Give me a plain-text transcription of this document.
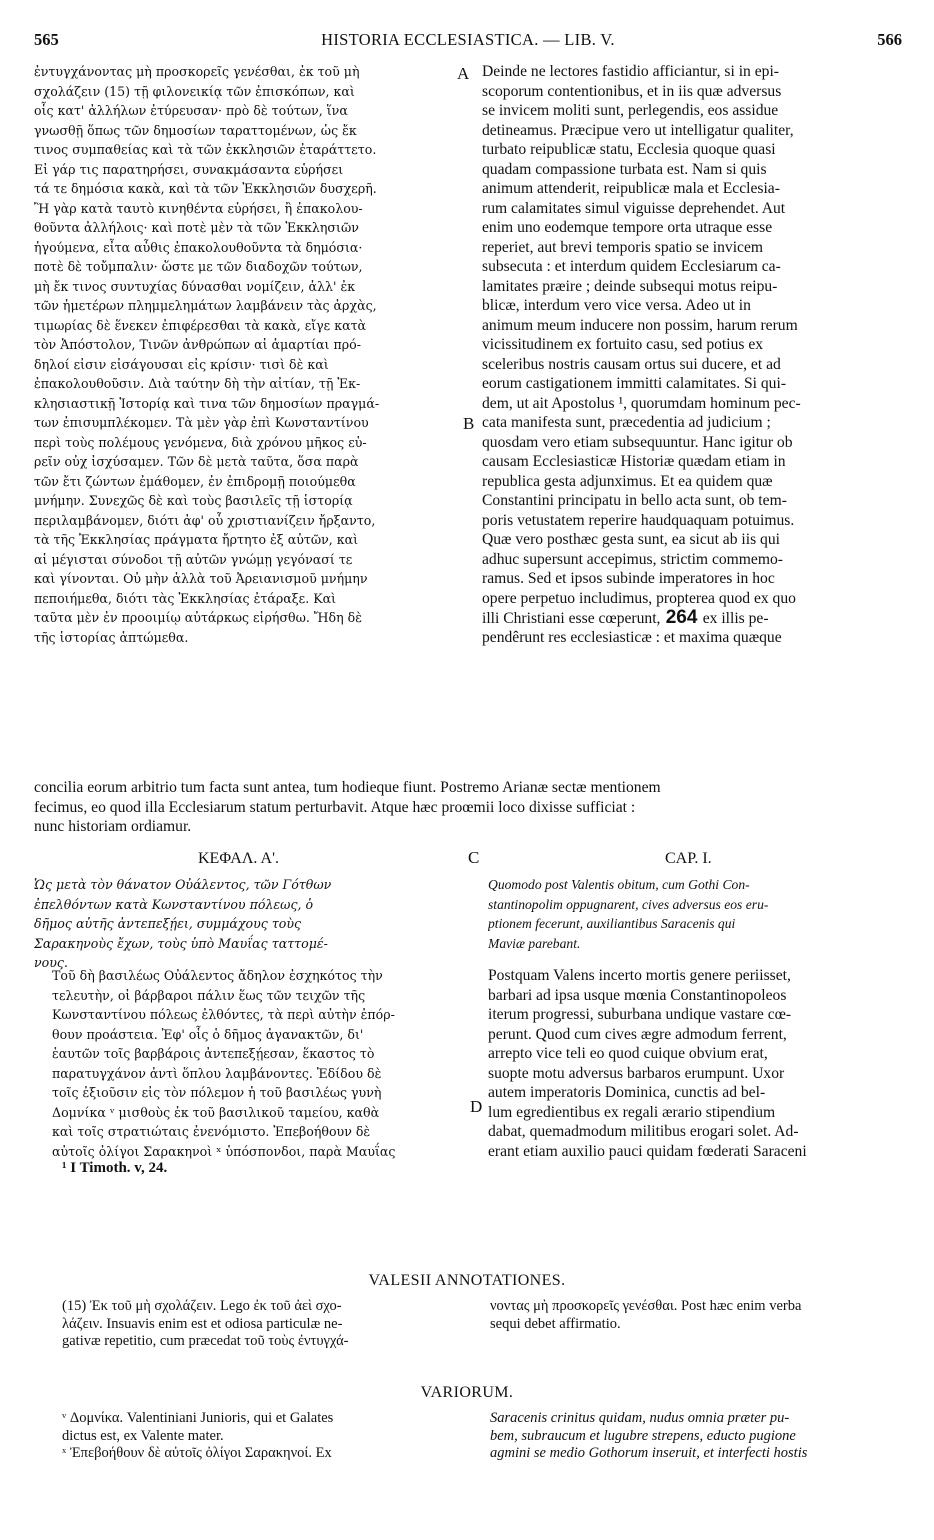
565	HISTORIA ECCLESIASTICA. — LIB. V.	566
ἐντυγχάνοντας μὴ προσκορεῖς γενέσθαι, ἐκ τοῦ μὴ
σχολάζειν (15) τῇ φιλονεικίᾳ τῶν ἐπισκόπων, καὶ
οἷς κατ' ἀλλήλων ἐτύρευσαν· πρὸ δὲ τούτων, ἵνα
γνωσθῇ ὅπως τῶν δημοσίων ταραττομένων, ὡς ἔκ
τινος συμπαθείας καὶ τὰ τῶν ἐκκλησιῶν ἐταράττετο.
Εἰ γάρ τις παρατηρήσει, συνακμάσαντα εὑρήσει
τά τε δημόσια κακὰ, καὶ τὰ τῶν Ἐκκλησιῶν δυσχερῆ.
Ἢ γὰρ κατὰ ταυτὸ κινηθέντα εὑρήσει, ἢ ἐπακολου-
θοῦντα ἀλλήλοις· καὶ ποτὲ μὲν τὰ τῶν Ἐκκλησιῶν
ἡγούμενα, εἶτα αὖθις ἐπακολουθοῦντα τὰ δημόσια·
ποτὲ δὲ τοὔμπαλιν· ὥστε με τῶν διαδοχῶν τούτων,
μὴ ἔκ τινος συντυχίας δύνασθαι νομίζειν, ἀλλ' ἐκ
τῶν ἡμετέρων πλημμελημάτων λαμβάνειν τὰς ἀρχὰς,
τιμωρίας δὲ ἕνεκεν ἐπιφέρεσθαι τὰ κακὰ, εἴγε κατὰ
τὸν Ἀπόστολον, Τινῶν ἀνθρώπων αἱ ἁμαρτίαι πρό-
δηλοί εἰσιν εἰσάγουσαι εἰς κρίσιν· τισὶ δὲ καὶ
ἐπακολουθοῦσιν. Διὰ ταύτην δὴ τὴν αἰτίαν, τῇ Ἐκ-
κλησιαστικῇ Ἱστορίᾳ καὶ τινα τῶν δημοσίων πραγμά-
των ἐπισυμπλέκομεν. Τὰ μὲν γὰρ ἐπὶ Κωνσταντίνου
περὶ τοὺς πολέμους γενόμενα, διὰ χρόνου μῆκος εὑ-
ρεῖν οὐχ ἰσχύσαμεν. Τῶν δὲ μετὰ ταῦτα, ὅσα παρὰ
τῶν ἔτι ζώντων ἐμάθομεν, ἐν ἐπιδρομῇ ποιούμεθα
μνήμην. Συνεχῶς δὲ καὶ τοὺς βασιλεῖς τῇ ἱστορίᾳ
περιλαμβάνομεν, διότι ἀφ' οὗ χριστιανίζειν ἤρξαντο,
τὰ τῆς Ἐκκλησίας πράγματα ἤρτητο ἐξ αὐτῶν, καὶ
αἱ μέγισται σύνοδοι τῇ αὐτῶν γνώμῃ γεγόνασί τε
καὶ γίνονται. Οὐ μὴν ἀλλὰ τοῦ Ἀρειανισμοῦ μνήμην
πεποιήμεθα, διότι τὰς Ἐκκλησίας ἐτάραξε. Καὶ
ταῦτα μὲν ἐν προοιμίῳ αὐτάρκως εἰρήσθω. Ἤδη δὲ
τῆς ἱστορίας ἁπτώμεθα.
Deinde ne lectores fastidio afficiantur, si in epi-
scoporum contentionibus, et in iis quæ adversus
se invicem moliti sunt, perlegendis, eos assidue
detineamus. Præcipue vero ut intelligatur qualiter,
turbato reipublicæ statu, Ecclesia quoque quasi
quadam compassione turbata est. Nam si quis
animum attenderit, reipublicæ mala et Ecclesia-
rum calamitates simul viguisse deprehendet. Aut
enim uno eodemque tempore orta utraque esse
reperiet, aut brevi temporis spatio se invicem
subsecuta : et interdum quidem Ecclesiarum ca-
lamitates præire ; deinde subsequi motus reipu-
blicæ, interdum vero vice versa. Adeo ut in
animum meum inducere non possim, harum rerum
vicissitudinem ex fortuito casu, sed potius ex
sceleribus nostris causam ortus sui ducere, et ad
eorum castigationem immitti calamitates. Si qui-
dem, ut ait Apostolus ¹, quorumdam hominum pec-
cata manifesta sunt, præcedentia ad judicium ;
quosdam vero etiam subsequuntur. Hanc igitur ob
causam Ecclesiasticæ Historiæ quædam etiam in
republica gesta adjunximus. Et ea quidem quæ
Constantini principatu in bello acta sunt, ob tem-
poris vetustatem reperire haudquaquam potuimus.
Quæ vero posthæc gesta sunt, ea sicut ab iis qui
adhuc supersunt accepimus, strictim commemo-
ramus. Sed et ipsos subinde imperatores in hoc
opere perpetuo includimus, propterea quod ex quo
illi Christiani esse cœperunt, 264 ex illis pe-
pendêrunt res ecclesiasticæ : et maxima quæque
A
B
C
D
concilia eorum arbitrio tum facta sunt antea, tum hodieque fiunt. Postremo Arianæ sectæ mentionem
fecimus, eo quod illa Ecclesiarum statum perturbavit. Atque hæc proœmii loco dixisse sufficiat :
nunc historiam ordiamur.
ΚΕΦΑΛ. Α'.	CAP. I.
Ὡς μετὰ τὸν θάνατον Οὐάλεντος, τῶν Γότθων
ἐπελθόντων κατὰ Κωνσταντίνου πόλεως, ὁ
δῆμος αὐτῆς ἀντεπεξῄει, συμμάχους τοὺς
Σαρακηνοὺς ἔχων, τοὺς ὑπὸ Μαυΐας ταττομέ-
νους.
Quomodo post Valentis obitum, cum Gothi Con-
stantinopolim oppugnarent, cives adversus eos eru-
ptionem fecerunt, auxiliantibus Saracenis qui
Maviæ parebant.
Τοῦ δὴ βασιλέως Οὐάλεντος ἄδηλον ἐσχηκότος τὴν
τελευτὴν, οἱ βάρβαροι πάλιν ἕως τῶν τειχῶν τῆς
Κωνσταντίνου πόλεως ἐλθόντες, τὰ περὶ αὐτὴν ἐπόρ-
θουν προάστεια. Ἐφ' οἷς ὁ δῆμος ἀγανακτῶν, δι'
ἑαυτῶν τοῖς βαρβάροις ἀντεπεξῄεσαν, ἕκαστος τὸ
παρατυγχάνον ἀντὶ ὅπλου λαμβάνοντες. Ἐδίδου δὲ
τοῖς ἐξιοῦσιν εἰς τὸν πόλεμον ἡ τοῦ βασιλέως γυνὴ
Δομνίκα ᵛ μισθοὺς ἐκ τοῦ βασιλικοῦ ταμείου, καθὰ
καὶ τοῖς στρατιώταις ἐνενόμιστο. Ἐπεβοήθουν δὲ
αὐτοῖς ὀλίγοι Σαρακηνοὶ ˣ ὑπόσπονδοι, παρὰ Μαυΐας
Postquam Valens incerto mortis genere periisset,
barbari ad ipsa usque mœnia Constantinopoleos
iterum progressi, suburbana undique vastare cœ-
perunt. Quod cum cives ægre admodum ferrent,
arrepto vice teli eo quod cuique obvium erat,
suopte motu adversus barbaros erumpunt. Uxor
autem imperatoris Dominica, cunctis ad bel-
lum egredientibus ex regali ærario stipendium
dabat, quemadmodum militibus erogari solet. Ad-
erant etiam auxilio pauci quidam fœderati Saraceni
¹ I Timoth. v, 24.
VALESII ANNOTATIONES.
(15) Ἐκ τοῦ μὴ σχολάζειν. Lego ἐκ τοῦ ἀεὶ σχο-
λάζειν. Insuavis enim est et odiosa particulæ ne-
gativæ repetitio, cum præcedat τοῦ τοὺς ἐντυγχά-
νοντας μὴ προσκορεῖς γενέσθαι. Post hæc enim verba
sequi debet affirmatio.
VARIORUM.
ᵛ Δομνίκα. Valentiniani Junioris, qui et Galates
dictus est, ex Valente mater.
ˣ Ἐπεβοήθουν δὲ αὐτοῖς ὀλίγοι Σαρακηνοί. Ex
Saracenis crinitus quidam, nudus omnia præter pu-
bem, subraucum et lugubre strepens, educto pugione
agmini se medio Gothorum inseruit, et interfecti hostis
